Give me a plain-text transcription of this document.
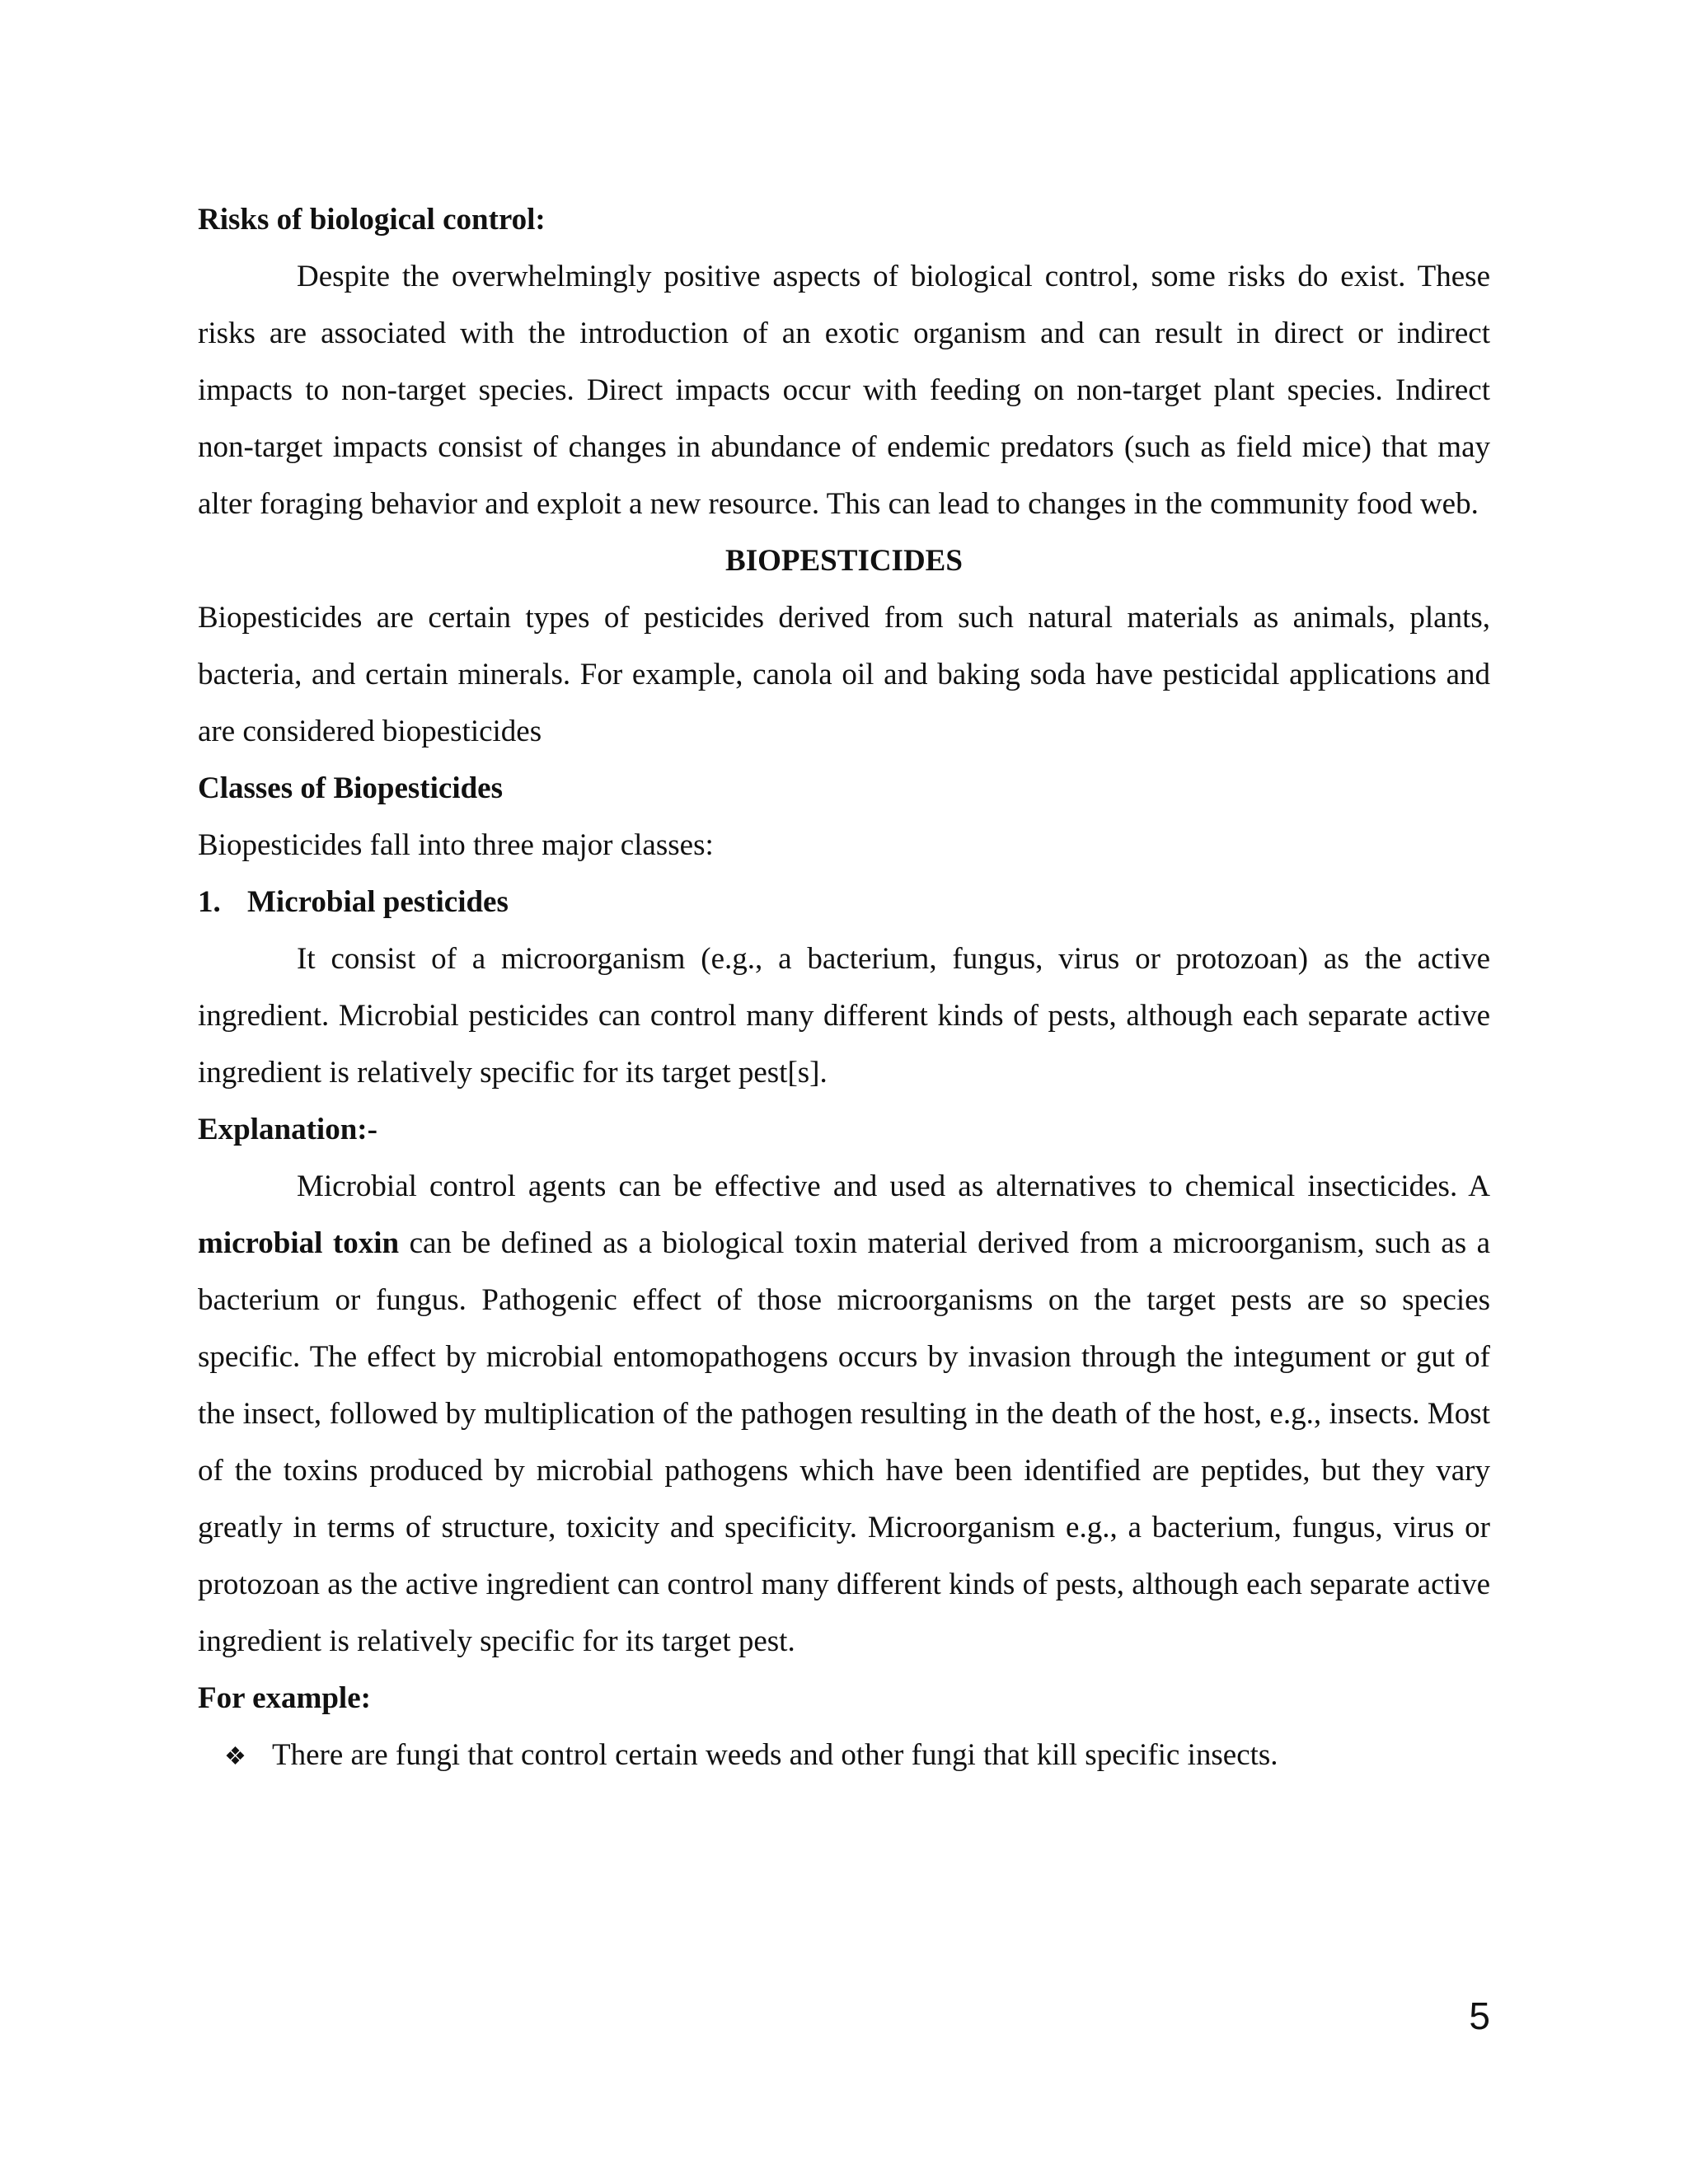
Risks of biological control:

Despite the overwhelmingly positive aspects of biological control, some risks do exist. These risks are associated with the introduction of an exotic organism and can result in direct or indirect impacts to non-target species. Direct impacts occur with feeding on non-target plant species. Indirect non-target impacts consist of changes in abundance of endemic predators (such as field mice) that may alter foraging behavior and exploit a new resource. This can lead to changes in the community food web.

BIOPESTICIDES

Biopesticides are certain types of pesticides derived from such natural materials as animals, plants, bacteria, and certain minerals. For example, canola oil and baking soda have pesticidal applications and are considered biopesticides

Classes of Biopesticides

Biopesticides fall into three major classes:

1. Microbial pesticides

It consist of a microorganism (e.g., a bacterium, fungus, virus or protozoan) as the active ingredient. Microbial pesticides can control many different kinds of pests, although each separate active ingredient is relatively specific for its target pest[s].

Explanation:-

Microbial control agents can be effective and used as alternatives to chemical insecticides. A microbial toxin can be defined as a biological toxin material derived from a microorganism, such as a bacterium or fungus. Pathogenic effect of those microorganisms on the target pests are so species specific. The effect by microbial entomopathogens occurs by invasion through the integument or gut of the insect, followed by multiplication of the pathogen resulting in the death of the host, e.g., insects. Most of the toxins produced by microbial pathogens which have been identified are peptides, but they vary greatly in terms of structure, toxicity and specificity. Microorganism e.g., a bacterium, fungus, virus or protozoan as the active ingredient can control many different kinds of pests, although each separate active ingredient is relatively specific for its target pest.

For example:

❖ There are fungi that control certain weeds and other fungi that kill specific insects.

5
